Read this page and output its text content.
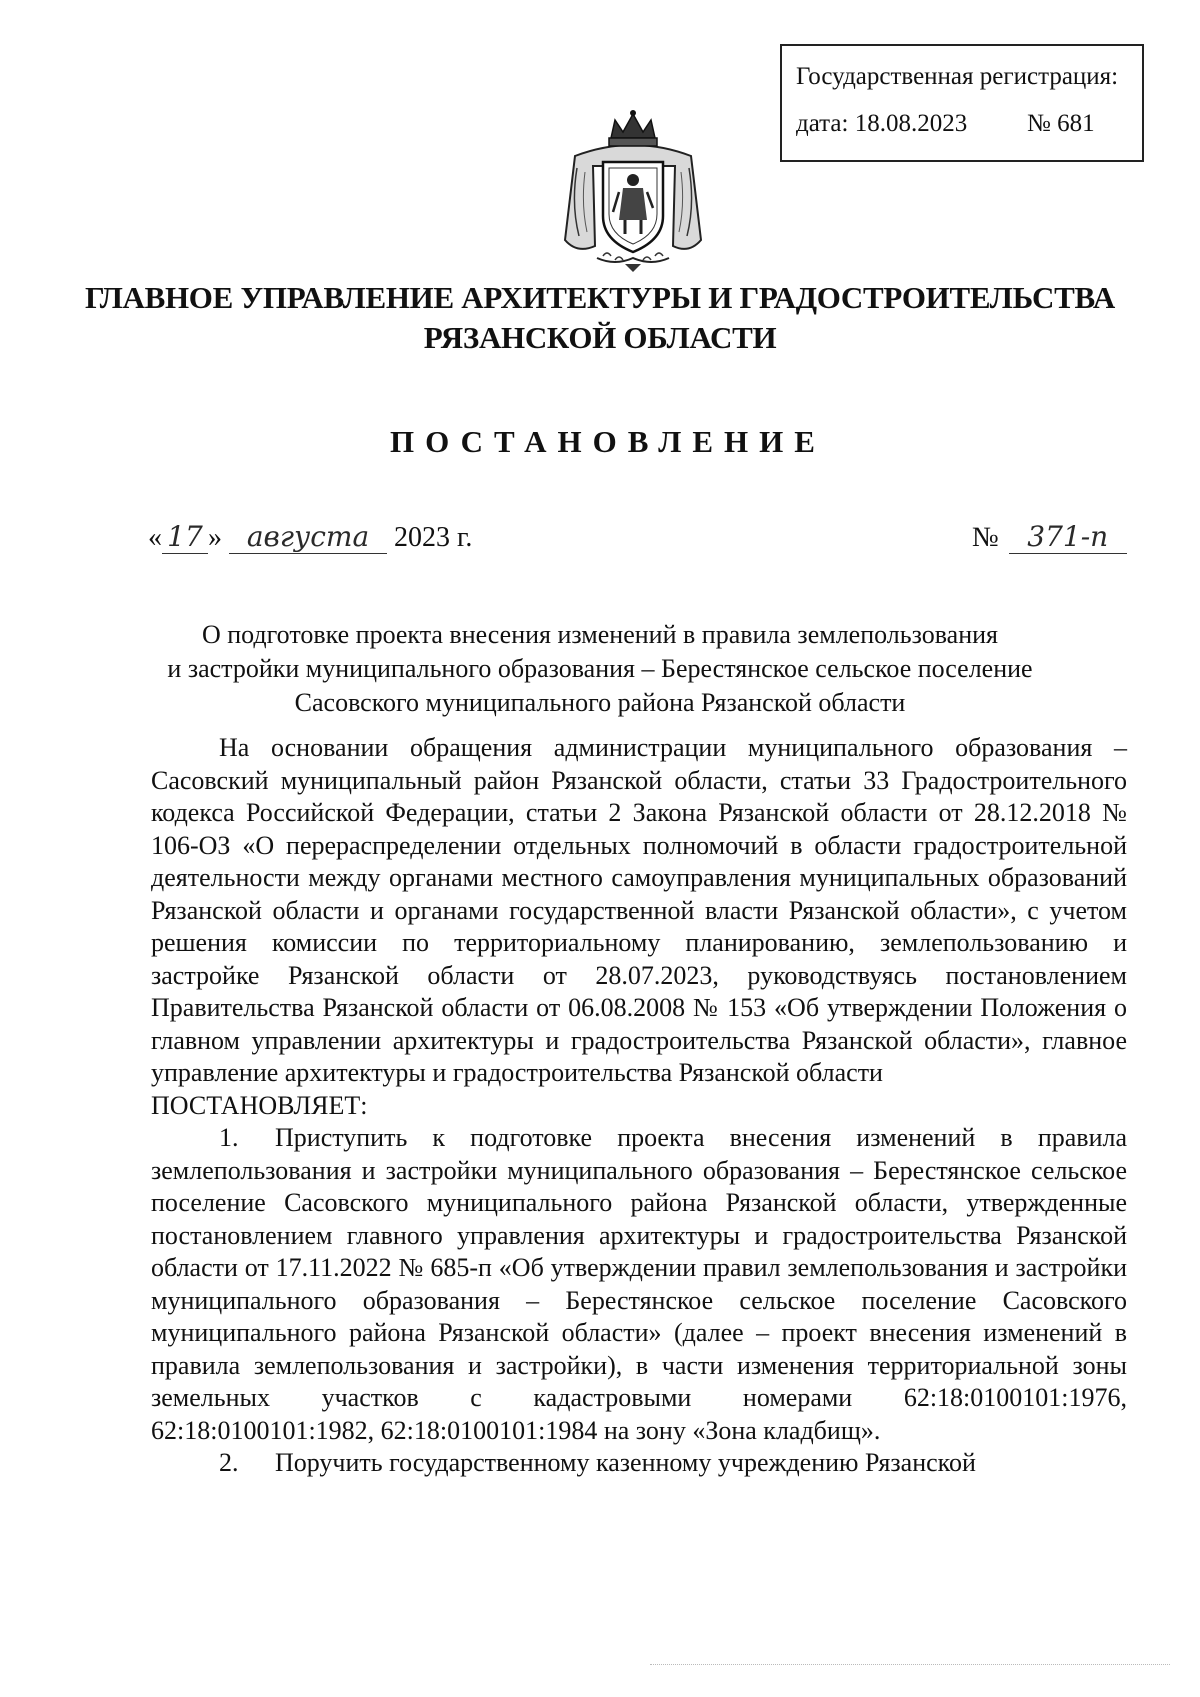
Государственная регистрация:
дата: 18.08.2023 № 681
ГЛАВНОЕ УПРАВЛЕНИЕ АРХИТЕКТУРЫ И ГРАДОСТРОИТЕЛЬСТВА
РЯЗАНСКОЙ ОБЛАСТИ
ПОСТАНОВЛЕНИЕ
« 17 » августа 2023 г.	№ 371-п
О подготовке проекта внесения изменений в правила землепользования
и застройки муниципального образования – Берестянское сельское поселение
Сасовского муниципального района Рязанской области

На основании обращения администрации муниципального образования – Сасовский муниципальный район Рязанской области, статьи 33 Градостроительного кодекса Российской Федерации, статьи 2 Закона Рязанской области от 28.12.2018 № 106-ОЗ «О перераспределении отдельных полномочий в области градостроительной деятельности между органами местного самоуправления муниципальных образований Рязанской области и органами государственной власти Рязанской области», с учетом решения комиссии по территориальному планированию, землепользованию и застройке Рязанской области от 28.07.2023, руководствуясь постановлением Правительства Рязанской области от 06.08.2008 № 153 «Об утверждении Положения о главном управлении архитектуры и градостроительства Рязанской области», главное управление архитектуры и градостроительства Рязанской области

ПОСТАНОВЛЯЕТ:

1. Приступить к подготовке проекта внесения изменений в правила землепользования и застройки муниципального образования – Берестянское сельское поселение Сасовского муниципального района Рязанской области, утвержденные постановлением главного управления архитектуры и градостроительства Рязанской области от 17.11.2022 № 685-п «Об утверждении правил землепользования и застройки муниципального образования – Берестянское сельское поселение Сасовского муниципального района Рязанской области» (далее – проект внесения изменений в правила землепользования и застройки), в части изменения территориальной зоны земельных участков с кадастровыми номерами 62:18:0100101:1976, 62:18:0100101:1982, 62:18:0100101:1984 на зону «Зона кладбищ».

2. Поручить государственному казенному учреждению Рязанской
